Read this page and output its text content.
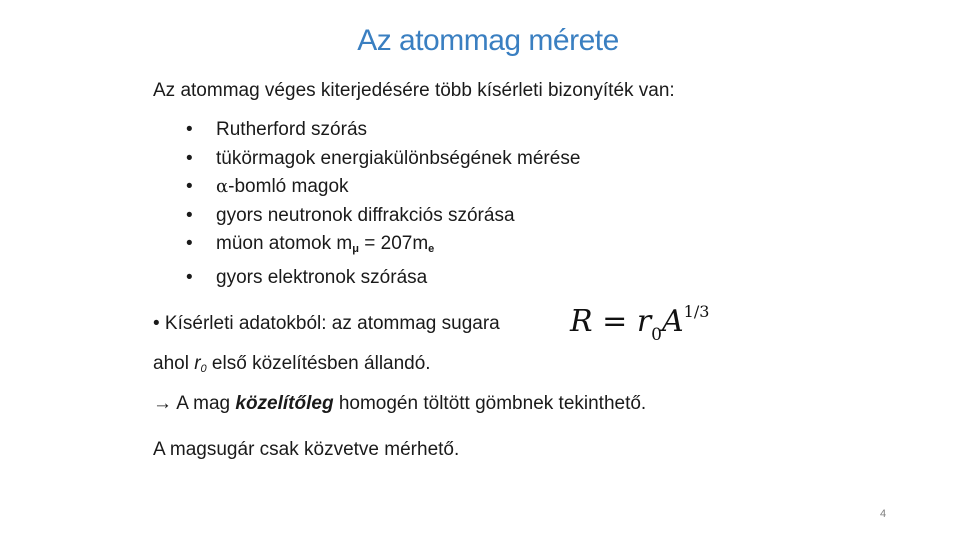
Az atommag mérete
Az atommag véges kiterjedésére több kísérleti bizonyíték van:
• Rutherford szórás
• tükörmagok energiakülönbségének mérése
• α-bomló magok
• gyors neutronok diffrakciós szórása
• müon atomok $m_\mu = 207m_e$
• gyors elektronok szórása
• Kísérleti adatokból: az atommag sugara $R = r_0A^{1/3}$
ahol $r_0$ első közelítésben állandó.
→ A mag közelítőleg homogén töltött gömbnek tekinthető.
A magsugár csak közvetve mérhető.
4
